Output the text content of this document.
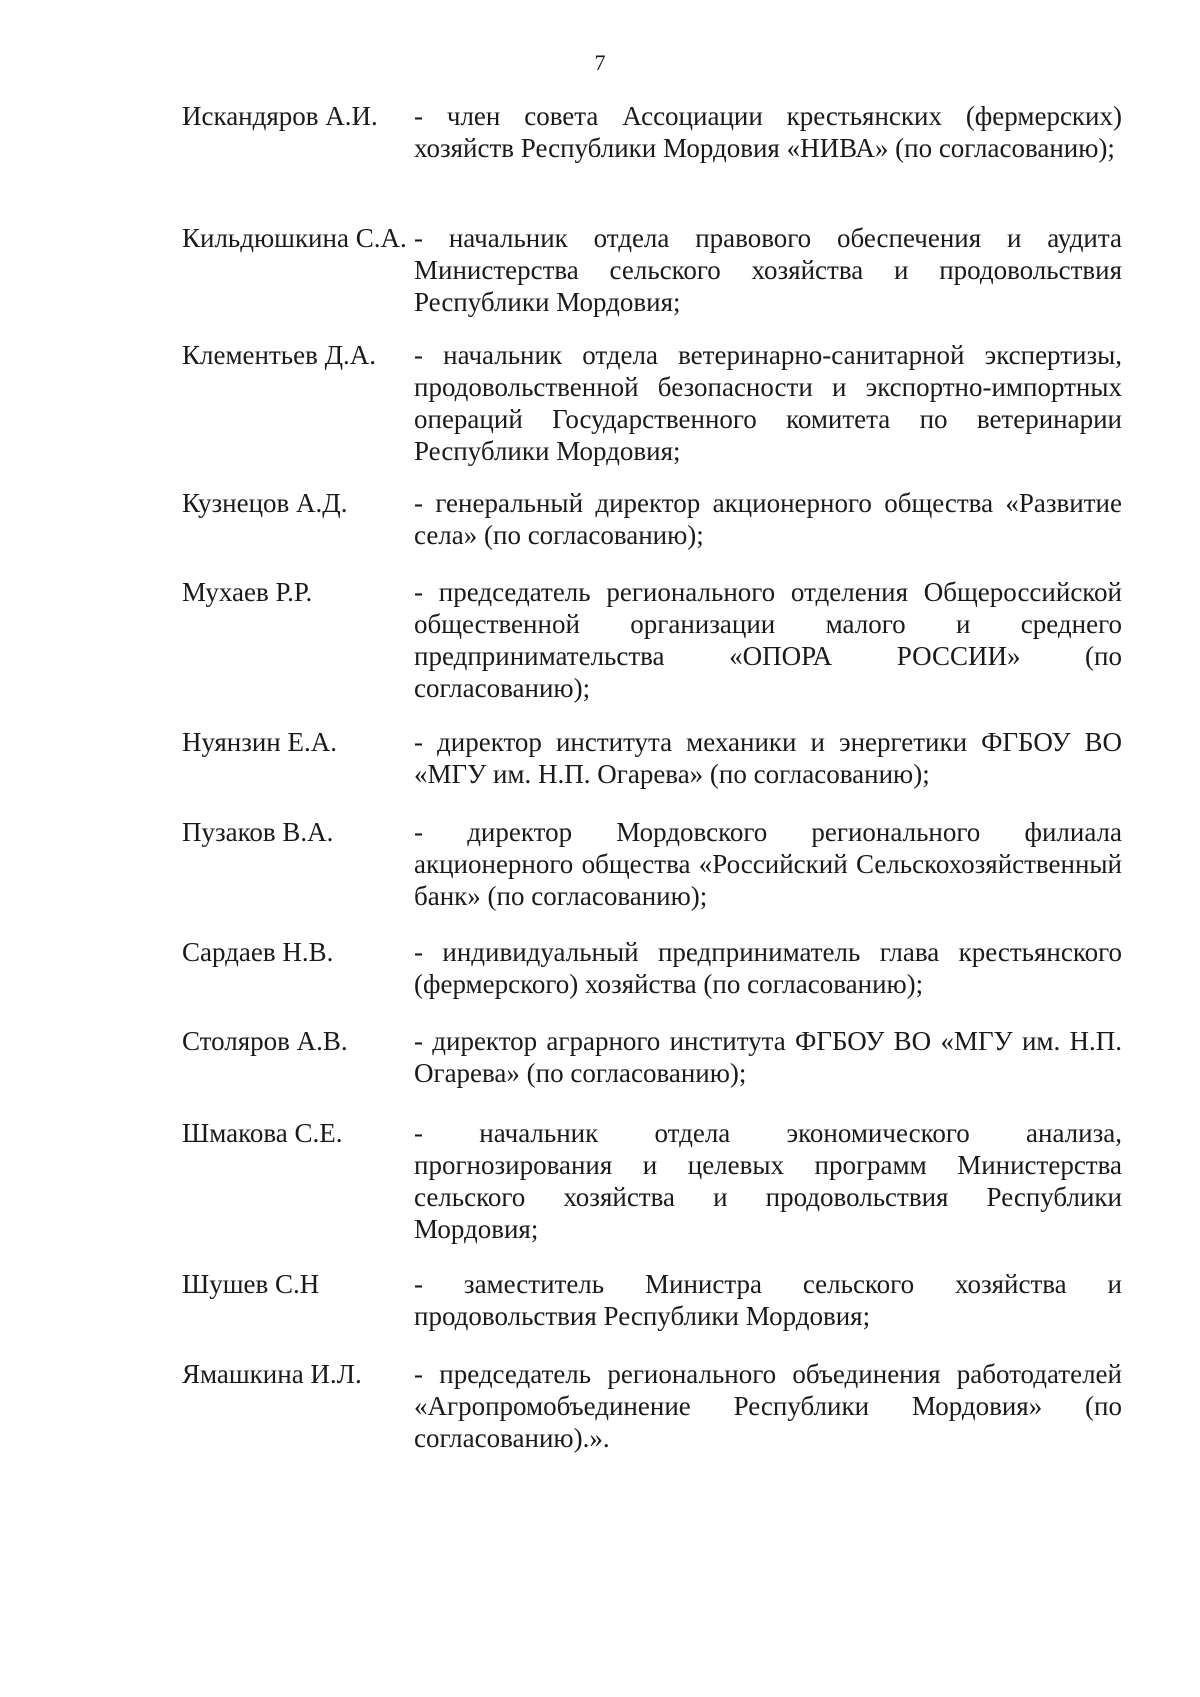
7
Искандяров А.И.	- член совета Ассоциации крестьянских (фермерских) хозяйств Республики Мордовия «НИВА» (по согласованию);
Кильдюшкина С.А. - начальник отдела правового обеспечения и аудита Министерства сельского хозяйства и продовольствия Республики Мордовия;
Клементьев Д.А.	- начальник отдела ветеринарно-санитарной экспертизы, продовольственной безопасности и экспортно-импортных операций Государственного комитета по ветеринарии Республики Мордовия;
Кузнецов А.Д.	- генеральный директор акционерного общества «Развитие села» (по согласованию);
Мухаев Р.Р.	- председатель регионального отделения Общероссийской общественной организации малого и среднего предпринимательства «ОПОРА РОССИИ» (по согласованию);
Нуянзин Е.А.	- директор института механики и энергетики ФГБОУ ВО «МГУ им. Н.П. Огарева» (по согласованию);
Пузаков В.А.	- директор Мордовского регионального филиала акционерного общества «Российский Сельскохозяйственный банк» (по согласованию);
Сардаев Н.В.	- индивидуальный предприниматель глава крестьянского (фермерского) хозяйства (по согласованию);
Столяров А.В.	- директор аграрного института ФГБОУ ВО «МГУ им. Н.П. Огарева» (по согласованию);
Шмакова С.Е.	- начальник отдела экономического анализа, прогнозирования и целевых программ Министерства сельского хозяйства и продовольствия Республики Мордовия;
Шушев С.Н	- заместитель Министра сельского хозяйства и продовольствия Республики Мордовия;
Ямашкина И.Л.	- председатель регионального объединения работодателей «Агропромобъединение Республики Мордовия» (по согласованию).».
